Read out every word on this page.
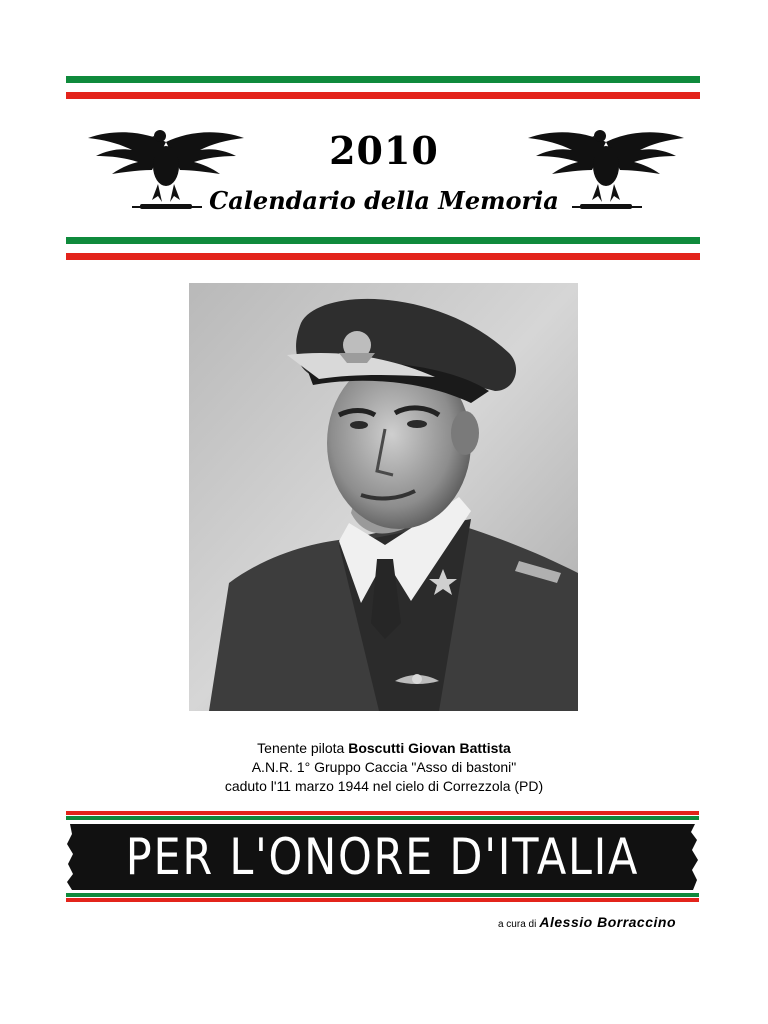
2010
Calendario della Memoria
Tenente pilota Boscutti Giovan Battista
A.N.R. 1° Gruppo Caccia "Asso di bastoni"
caduto l'11 marzo 1944 nel cielo di Correzzola (PD)
PER L'ONORE D'ITALIA
a cura di Alessio Borraccino
